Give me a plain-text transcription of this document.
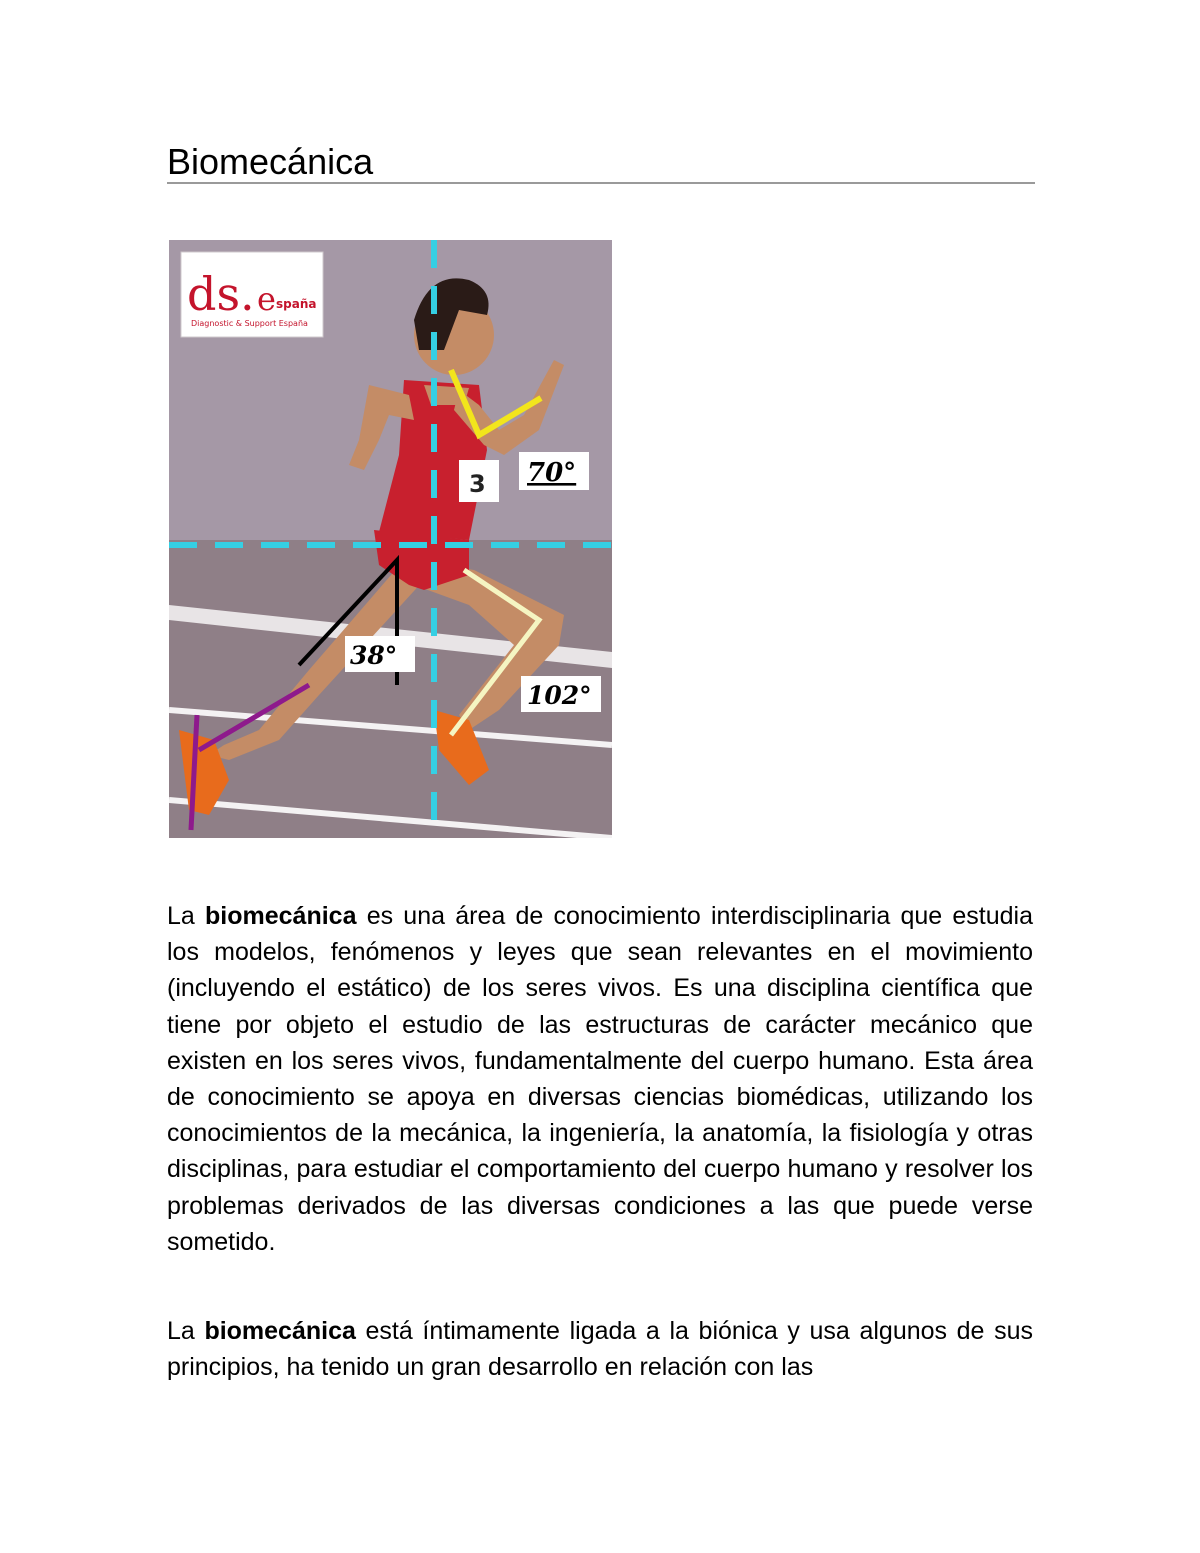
Biomecánica
3 70°
38°
102°
ds. e spaña
Diagnostic & Support España

La biomecánica es una área de conocimiento interdisciplinaria que estudia los modelos, fenómenos y leyes que sean relevantes en el movimiento (incluyendo el estático) de los seres vivos. Es una disciplina científica que tiene por objeto el estudio de las estructuras de carácter mecánico que existen en los seres vivos, fundamentalmente del cuerpo humano. Esta área de conocimiento se apoya en diversas ciencias biomédicas, utilizando los conocimientos de la mecánica, la ingeniería, la anatomía, la fisiología y otras disciplinas, para estudiar el comportamiento del cuerpo humano y resolver los problemas derivados de las diversas condiciones a las que puede verse sometido.

La biomecánica está íntimamente ligada a la biónica y usa algunos de sus principios, ha tenido un gran desarrollo en relación con las
